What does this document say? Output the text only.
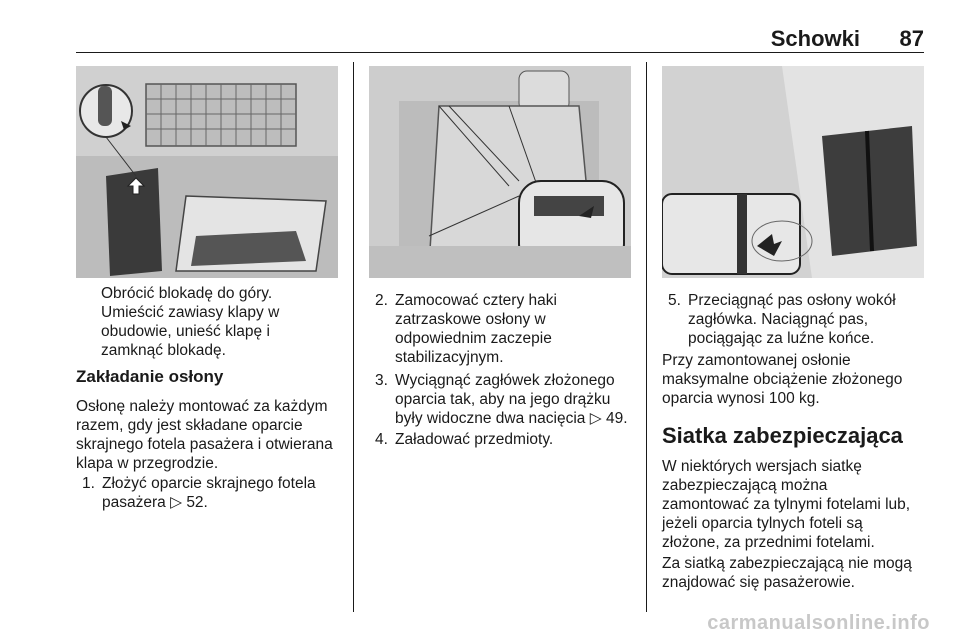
Schowki	87

Obrócić blokadę do góry.

Umieścić zawiasy klapy w

obudowie, unieść klapę i

zamknąć blokadę.

Zakładanie osłony

Osłonę należy montować za każdym

razem, gdy jest składane oparcie

skrajnego fotela pasażera i otwierana

klapa w przegrodzie.

1. Złożyć oparcie skrajnego fotela

pasażera ▷ 52.

2. Zamocować cztery haki

zatrzaskowe osłony w

odpowiednim zaczepie

stabilizacyjnym.

3. Wyciągnąć zagłówek złożonego

oparcia tak, aby na jego drążku

były widoczne dwa nacięcia ▷ 49.

4. Załadować przedmioty.

5. Przeciągnąć pas osłony wokół

zagłówka. Naciągnąć pas,

pociągając za luźne końce.

Przy zamontowanej osłonie

maksymalne obciążenie złożonego

oparcia wynosi 100 kg.

Siatka zabezpieczająca

W niektórych wersjach siatkę

zabezpieczającą można

zamontować za tylnymi fotelami lub,

jeżeli oparcia tylnych foteli są

złożone, za przednimi fotelami.

Za siatką zabezpieczającą nie mogą

znajdować się pasażerowie.

carmanualsonline.info
